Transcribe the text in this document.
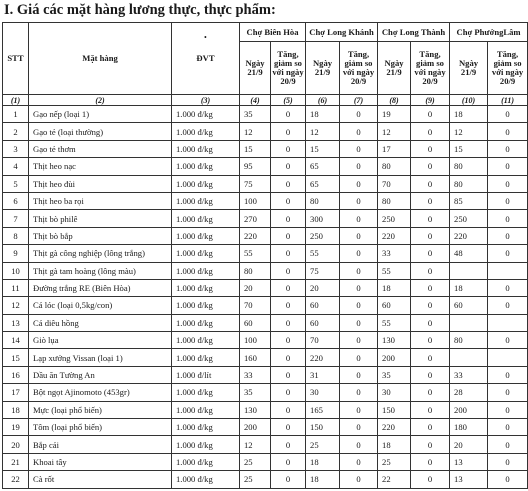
I. Giá các mặt hàng lương thực, thực phẩm:
•
STT	Mặt hàng	ĐVT	Chợ Biên Hòa		Chợ Long Khánh		Chợ Long Thành		Chợ PhướngLâm	
			Ngày 21/9	Tăng, giảm so với ngày 20/9	Ngày 21/9	Tăng, giảm so với ngày 20/9	Ngày 21/9	Tăng, giảm so với ngày 20/9	Ngày 21/9	Tăng, giảm so với ngày 20/9
(1)	(2)	(3)	(4)	(5)	(6)	(7)	(8)	(9)	(10)	(11)
1	Gạo nếp (loại 1)	1.000 đ/kg	35	0	18	0	19	0	18	0
2	Gạo tẻ (loại thường)	1.000 đ/kg	12	0	12	0	12	0	12	0
3	Gạo tẻ thơm	1.000 đ/kg	15	0	15	0	17	0	15	0
4	Thịt heo nạc	1.000 đ/kg	95	0	65	0	80	0	80	0
5	Thịt heo đùi	1.000 đ/kg	75	0	65	0	70	0	80	0
6	Thịt heo ba rọi	1.000 đ/kg	100	0	80	0	80	0	85	0
7	Thịt bò philê	1.000 đ/kg	270	0	300	0	250	0	250	0
8	Thịt bò bắp	1.000 đ/kg	220	0	250	0	220	0	220	0
9	Thịt gà công nghiệp (lông trắng)	1.000 đ/kg	55	0	55	0	33	0	48	0
10	Thịt gà tam hoàng (lông màu)	1.000 đ/kg	80	0	75	0	55	0		
11	Đường trắng RE (Biên Hòa)	1.000 đ/kg	20	0	20	0	18	0	18	0
12	Cá lóc (loại 0,5kg/con)	1.000 đ/kg	70	0	60	0	60	0	60	0
13	Cá diêu hồng	1.000 đ/kg	60	0	60	0	55	0		
14	Giò lụa	1.000 đ/kg	100	0	70	0	130	0	80	0
15	Lạp xưởng Vissan (loại 1)	1.000 đ/kg	160	0	220	0	200	0		
16	Dầu ăn Tường An	1.000 đ/lít	33	0	31	0	35	0	33	0
17	Bột ngọt Ajinomoto (453gr)	1.000 đ/kg	35	0	30	0	30	0	28	0
18	Mực (loại phổ biến)	1.000 đ/kg	130	0	165	0	150	0	200	0
19	Tôm (loại phổ biến)	1.000 đ/kg	200	0	150	0	220	0	180	0
20	Bắp cải	1.000 đ/kg	12	0	25	0	18	0	20	0
21	Khoai tây	1.000 đ/kg	25	0	18	0	25	0	13	0
22	Cà rốt	1.000 đ/kg	25	0	18	0	22	0	13	0
